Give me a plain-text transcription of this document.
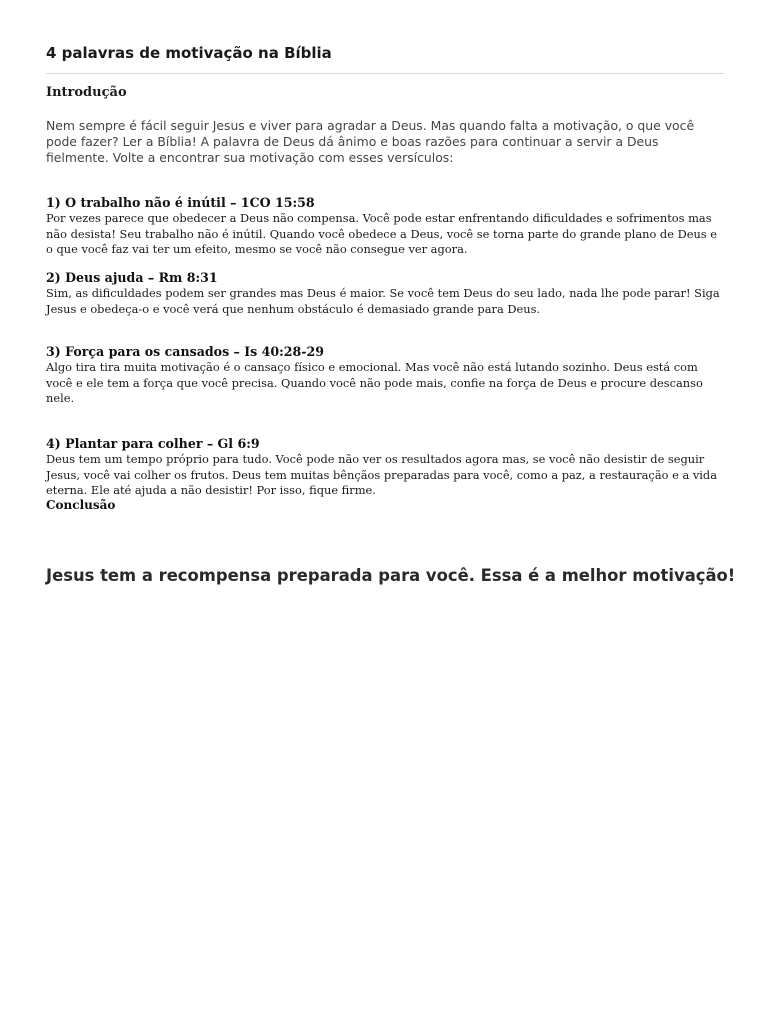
4 palavras de motivação na Bíblia
Introdução

Nem sempre é fácil seguir Jesus e viver para agradar a Deus. Mas quando falta a motivação, o que você pode fazer? Ler a Bíblia! A palavra de Deus dá ânimo e boas razões para continuar a servir a Deus fielmente. Volte a encontrar sua motivação com esses versículos:

1) O trabalho não é inútil – 1CO 15:58

Por vezes parece que obedecer a Deus não compensa. Você pode estar enfrentando dificuldades e sofrimentos mas não desista! Seu trabalho não é inútil. Quando você obedece a Deus, você se torna parte do grande plano de Deus e o que você faz vai ter um efeito, mesmo se você não consegue ver agora.

2) Deus ajuda – Rm 8:31

Sim, as dificuldades podem ser grandes mas Deus é maior. Se você tem Deus do seu lado, nada lhe pode parar! Siga Jesus e obedeça-o e você verá que nenhum obstáculo é demasiado grande para Deus.

3) Força para os cansados – Is 40:28-29

Algo tira tira muita motivação é o cansaço físico e emocional. Mas você não está lutando sozinho. Deus está com você e ele tem a força que você precisa. Quando você não pode mais, confie na força de Deus e procure descanso nele.

4) Plantar para colher – Gl 6:9

Deus tem um tempo próprio para tudo. Você pode não ver os resultados agora mas, se você não desistir de seguir Jesus, você vai colher os frutos. Deus tem muitas bênçãos preparadas para você, como a paz, a restauração e a vida eterna. Ele até ajuda a não desistir! Por isso, fique firme.

Conclusão

Jesus tem a recompensa preparada para você. Essa é a melhor motivação!
